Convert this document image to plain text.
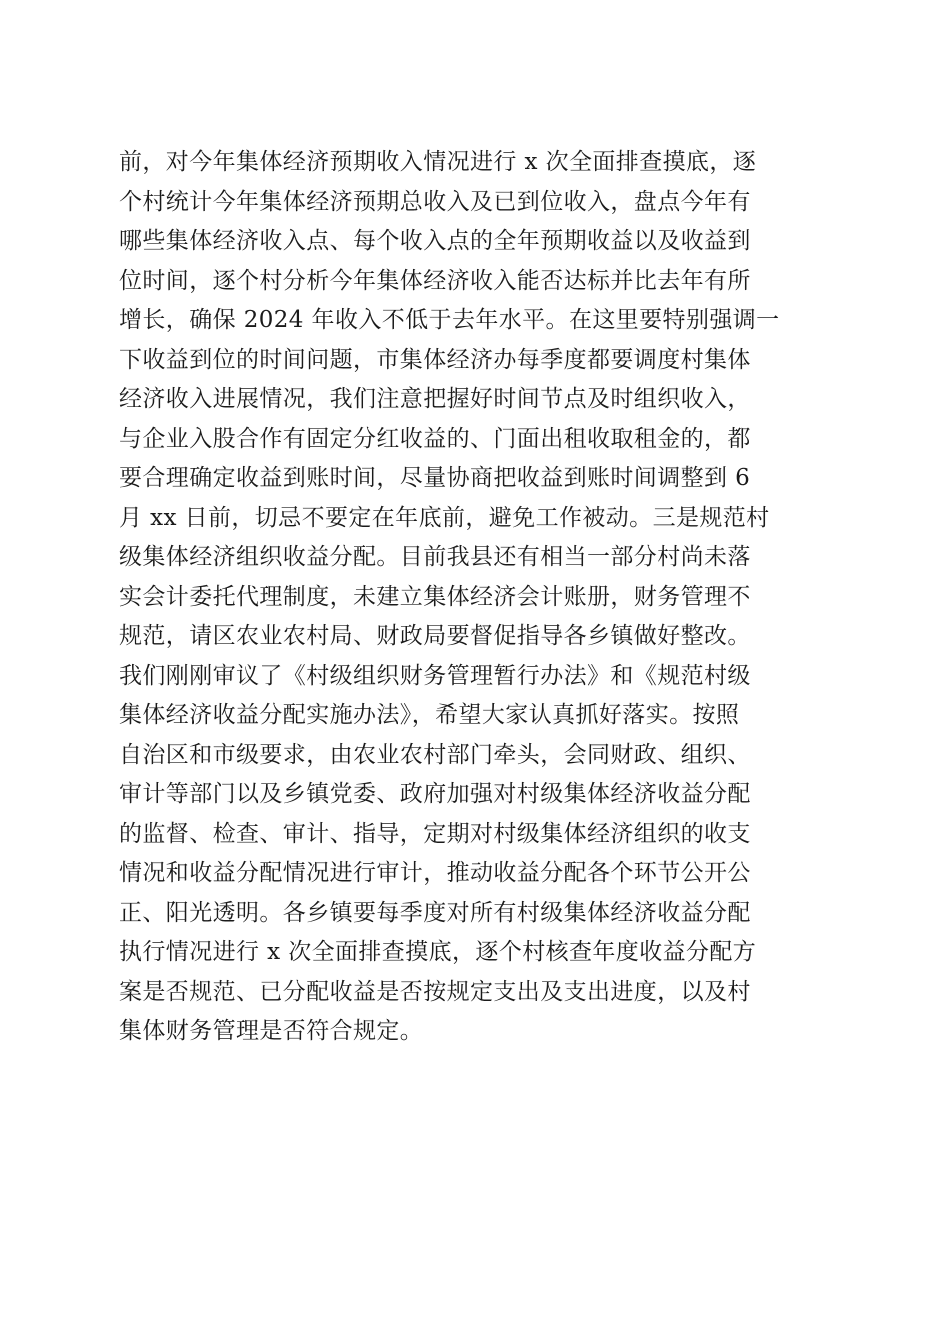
前，对今年集体经济预期收入情况进行 x 次全面排查摸底，逐
个村统计今年集体经济预期总收入及已到位收入，盘点今年有
哪些集体经济收入点、每个收入点的全年预期收益以及收益到
位时间，逐个村分析今年集体经济收入能否达标并比去年有所
增长，确保 2024 年收入不低于去年水平。在这里要特别强调一
下收益到位的时间问题，市集体经济办每季度都要调度村集体
经济收入进展情况，我们注意把握好时间节点及时组织收入，
与企业入股合作有固定分红收益的、门面出租收取租金的，都
要合理确定收益到账时间，尽量协商把收益到账时间调整到 6
月 xx 日前，切忌不要定在年底前，避免工作被动。三是规范村
级集体经济组织收益分配。目前我县还有相当一部分村尚未落
实会计委托代理制度，未建立集体经济会计账册，财务管理不
规范，请区农业农村局、财政局要督促指导各乡镇做好整改。
我们刚刚审议了《村级组织财务管理暂行办法》和《规范村级
集体经济收益分配实施办法》，希望大家认真抓好落实。按照
自治区和市级要求，由农业农村部门牵头，会同财政、组织、
审计等部门以及乡镇党委、政府加强对村级集体经济收益分配
的监督、检查、审计、指导，定期对村级集体经济组织的收支
情况和收益分配情况进行审计，推动收益分配各个环节公开公
正、阳光透明。各乡镇要每季度对所有村级集体经济收益分配
执行情况进行 x 次全面排查摸底，逐个村核查年度收益分配方
案是否规范、已分配收益是否按规定支出及支出进度，以及村
集体财务管理是否符合规定。
